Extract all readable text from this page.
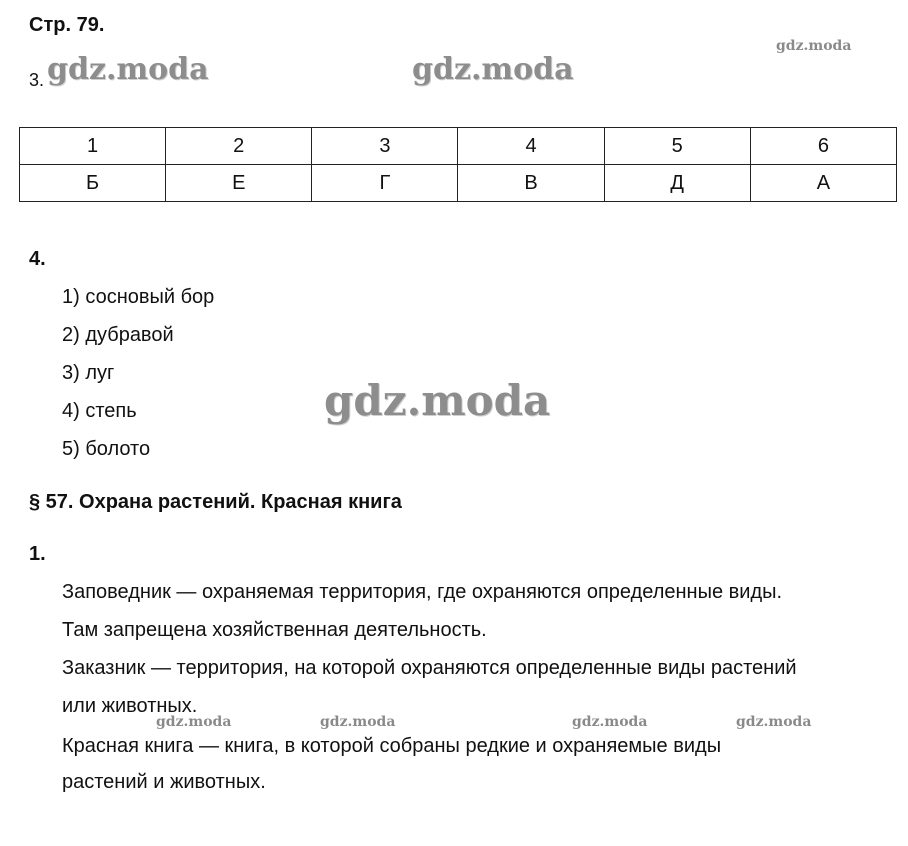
Стр. 79.
3. gdz.moda	gdz.moda
gdz.moda
1	2	3	4	5	6
Б	Е	Г	В	Д	А
4.
1) сосновый бор
2) дубравой
3) луг
4) степь
5) болото
gdz.moda
§ 57. Охрана растений. Красная книга
1.
Заповедник — охраняемая территория, где охраняются определенные виды.
Там запрещена хозяйственная деятельность.
Заказник — территория, на которой охраняются определенные виды растений
или животных.
Красная книга — книга, в которой собраны редкие и охраняемые виды
растений и животных.
gdz.moda	gdz.moda	gdz.moda	gdz.moda
